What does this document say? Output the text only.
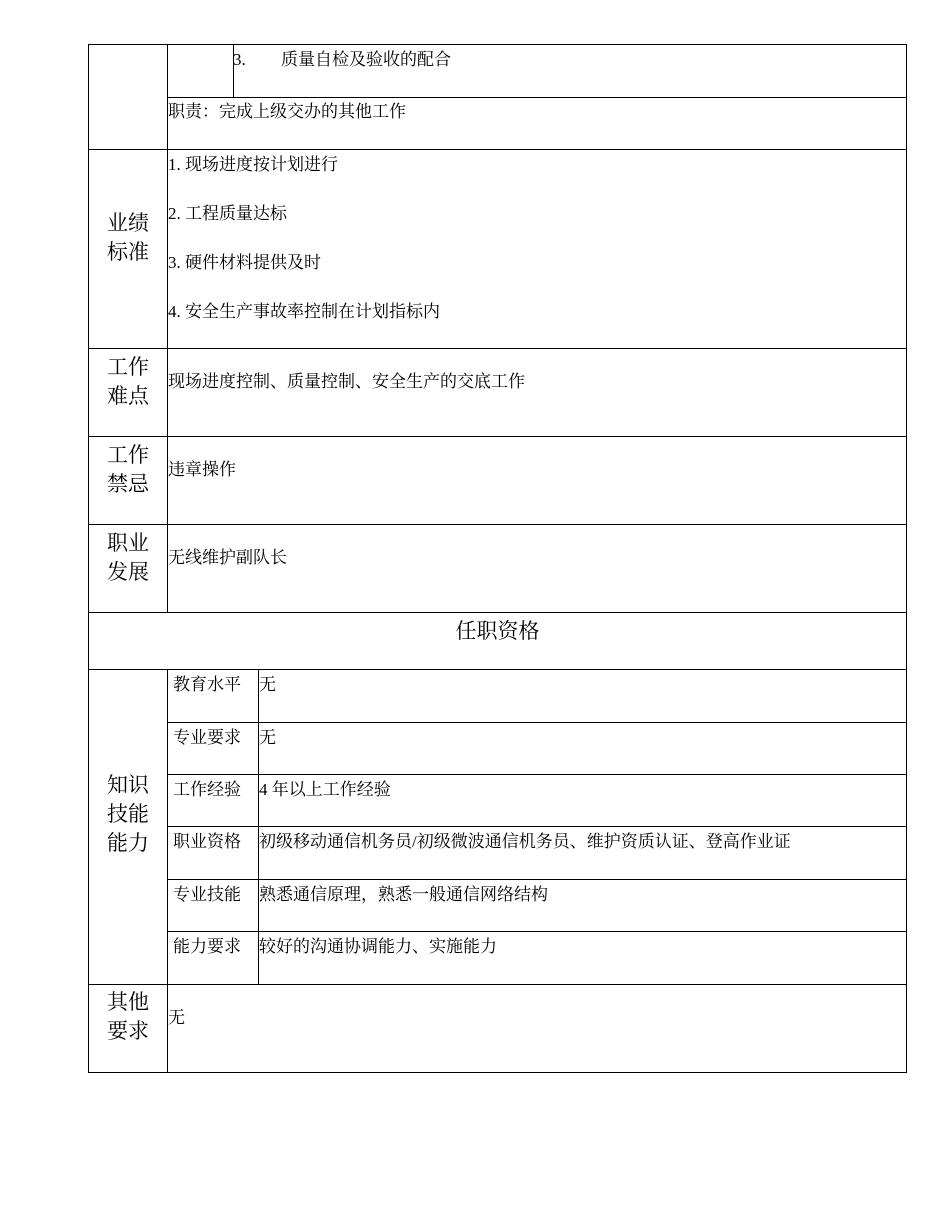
3. 质量自检及验收的配合
职责：完成上级交办的其他工作
业绩
标准
1. 现场进度按计划进行
2. 工程质量达标
3. 硬件材料提供及时
4. 安全生产事故率控制在计划指标内
工作
难点
现场进度控制、质量控制、安全生产的交底工作
工作
禁忌
违章操作
职业
发展
无线维护副队长
任职资格
知识
技能
能力
教育水平 无
专业要求 无
工作经验 4 年以上工作经验
职业资格 初级移动通信机务员/初级微波通信机务员、维护资质认证、登高作业证
专业技能 熟悉通信原理，熟悉一般通信网络结构
能力要求 较好的沟通协调能力、实施能力
其他
要求
无
